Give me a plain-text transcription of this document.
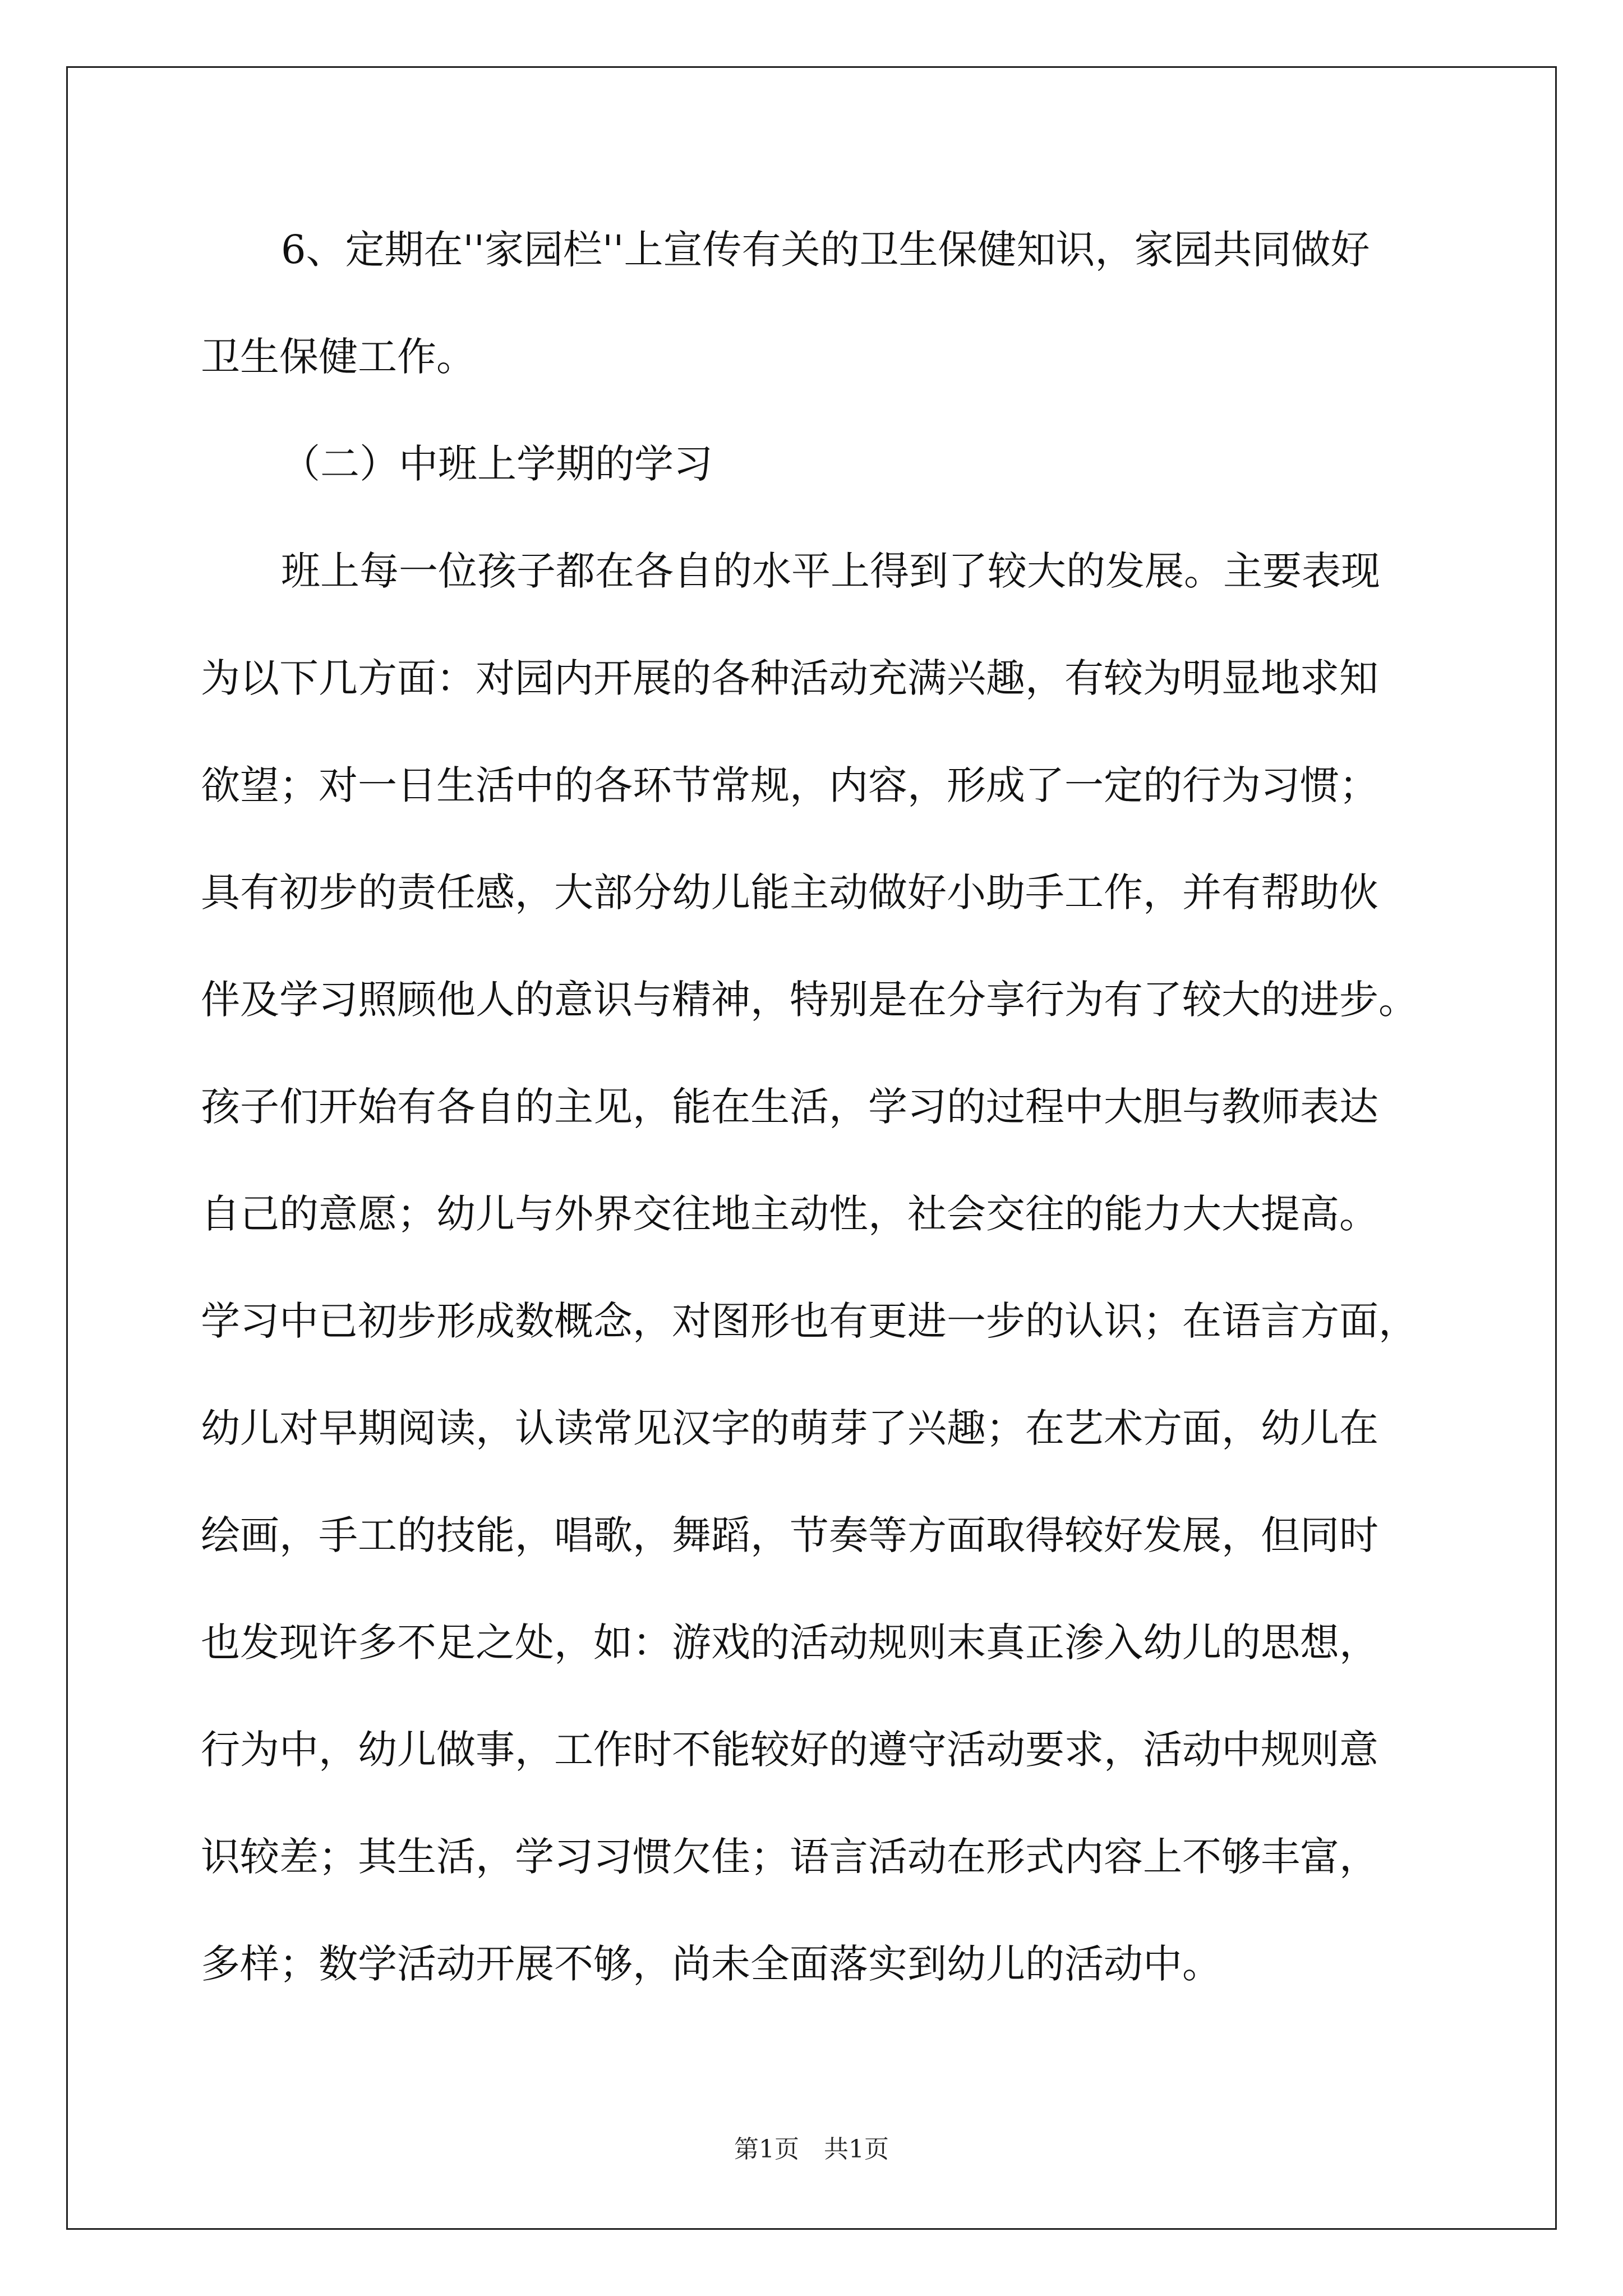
6、定期在''家园栏''上宣传有关的卫生保健知识，家园共同做好
卫生保健工作。
（二）中班上学期的学习
班上每一位孩子都在各自的水平上得到了较大的发展。主要表现
为以下几方面：对园内开展的各种活动充满兴趣，有较为明显地求知
欲望；对一日生活中的各环节常规，内容，形成了一定的行为习惯；
具有初步的责任感，大部分幼儿能主动做好小助手工作，并有帮助伙
伴及学习照顾他人的意识与精神，特别是在分享行为有了较大的进步。
孩子们开始有各自的主见，能在生活，学习的过程中大胆与教师表达
自己的意愿；幼儿与外界交往地主动性，社会交往的能力大大提高。
学习中已初步形成数概念，对图形也有更进一步的认识；在语言方面，
幼儿对早期阅读，认读常见汉字的萌芽了兴趣；在艺术方面，幼儿在
绘画，手工的技能，唱歌，舞蹈，节奏等方面取得较好发展，但同时
也发现许多不足之处，如：游戏的活动规则末真正渗入幼儿的思想，
行为中，幼儿做事，工作时不能较好的遵守活动要求，活动中规则意
识较差；其生活，学习习惯欠佳；语言活动在形式内容上不够丰富，
多样；数学活动开展不够，尚未全面落实到幼儿的活动中。
第1页　共1页
